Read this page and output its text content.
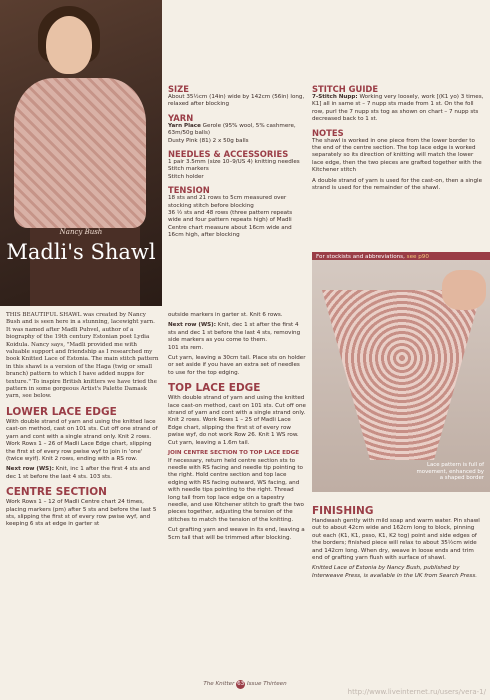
Nancy Bush
Madli's Shawl
SIZE

About 35½cm (14in) wide by 142cm (56in) long, relaxed after blocking

YARN

Yarn Place Gerole (95% wool, 5% cashmere, 63m/50g balls)
Dusty Pink (81) 2 x 50g balls

NEEDLES & ACCESSORIES

1 pair 3.5mm (size 10–9/US 4) knitting needles
Stitch markers
Stitch holder

TENSION

18 sts and 21 rows to 5cm measured over stocking stitch before blocking
36 ½ sts and 48 rows (three pattern repeats wide and four pattern repeats high) of Madli Centre chart measure about 16cm wide and 16cm high, after blocking

STITCH GUIDE

7-Stitch Nupp: Working very loosely, work [(K1 yo) 3 times, K1] all in same st – 7 nupp sts made from 1 st. On the foll row, purl the 7 nupp sts tog as shown on chart – 7 nupp sts decreased back to 1 st.

NOTES

The shawl is worked in one piece from the lower border to the end of the centre section. The top lace edge is worked separately so its direction of knitting will match the lower lace edge, then the two pieces are grafted together with the Kitchener stitch

A double strand of yarn is used for the cast-on, then a single strand is used for the remainder of the shawl.

For stockists and abbreviations, see p90
Lace pattern is full of movement, enhanced by a shaped border

THIS BEAUTIFUL SHAWL was created by Nancy Bush and is seen here in a stunning, lacewight yarn. It was named after Madli Puhvel, author of a biography of the 19th century Estonian poet Lydia Koidula. Nancy says, "Madli provided me with valuable support and friendship as I researched my book Knitted Lace of Estonia. The main stitch pattern in this shawl is a version of the Haga (twig or small branch) pattern to which I have added nupps for texture." To inspire British knitters we have tried the pattern in some gorgeous Artist's Palette Damask yarn, see below.

LOWER LACE EDGE

With double strand of yarn and using the knitted lace cast-on method, cast on 101 sts. Cut off one strand of yarn and cont with a single strand only. Knit 2 rows. Work Rows 1 – 26 of Madli Lace Edge chart, slipping the first st of every row pwise wyf to join in 'one' (twice wyif). Knit 2 rows, ending with a RS row.

Next row (WS): Knit, inc 1 after the first 4 sts and dec 1 st before the last 4 sts. 103 sts.

CENTRE SECTION

Work Rows 1 – 12 of Madli Centre chart 24 times, placing markers (pm) after 5 sts and before the last 5 sts, slipping the first st of every row pwise wyf, and keeping 6 sts at edge in garter st

outside markers in garter st. Knit 6 rows.

Next row (WS): Knit, dec 1 st after the first 4 sts and dec 1 st before the last 4 sts, removing side markers as you come to them.
101 sts rem.

Cut yarn, leaving a 30cm tail. Place sts on holder or set aside if you have an extra set of needles to use for the top edging.

TOP LACE EDGE

With double strand of yarn and using the knitted lace cast-on method, cast on 101 sts. Cut off one strand of yarn and cont with a single strand only. Knit 2 rows. Work Rows 1 – 25 of Madli Lace Edge chart, slipping the first st of every row pwise wyf, do not work Row 26. Knit 1 WS row. Cut yarn, leaving a 1.6m tail.

JOIN CENTRE SECTION TO TOP LACE EDGE

If necessary, return held centre section sts to needle with RS facing and needle tip pointing to the right. Hold centre section and top lace edging with RS facing outward, WS facing, and with needle tips pointing to the right. Thread long tail from top lace edge on a tapestry needle, and use Kitchener stitch to graft the two pieces together, adjusting the tension of the stitches to match the tension of the knitting.

Cut grafting yarn and weave in its end, leaving a 5cm tail that will be trimmed after blocking.

FINISHING

Handwash gently with mild soap and warm water. Pin shawl out to about 42cm wide and 162cm long to block, pinning out each (K1, K1, psso, K1, K2 tog) point and side edges of the borders; finished piece will relax to about 35½cm wide and 142cm long. When dry, weave in loose ends and trim end of grafting yarn flush with surface of shawl.

Knitted Lace of Estonia by Nancy Bush, published by Interweave Press, is available in the UK from Search Press.

The Knitter 63 Issue Thirteen
http://www.liveinternet.ru/users/vera-1/
